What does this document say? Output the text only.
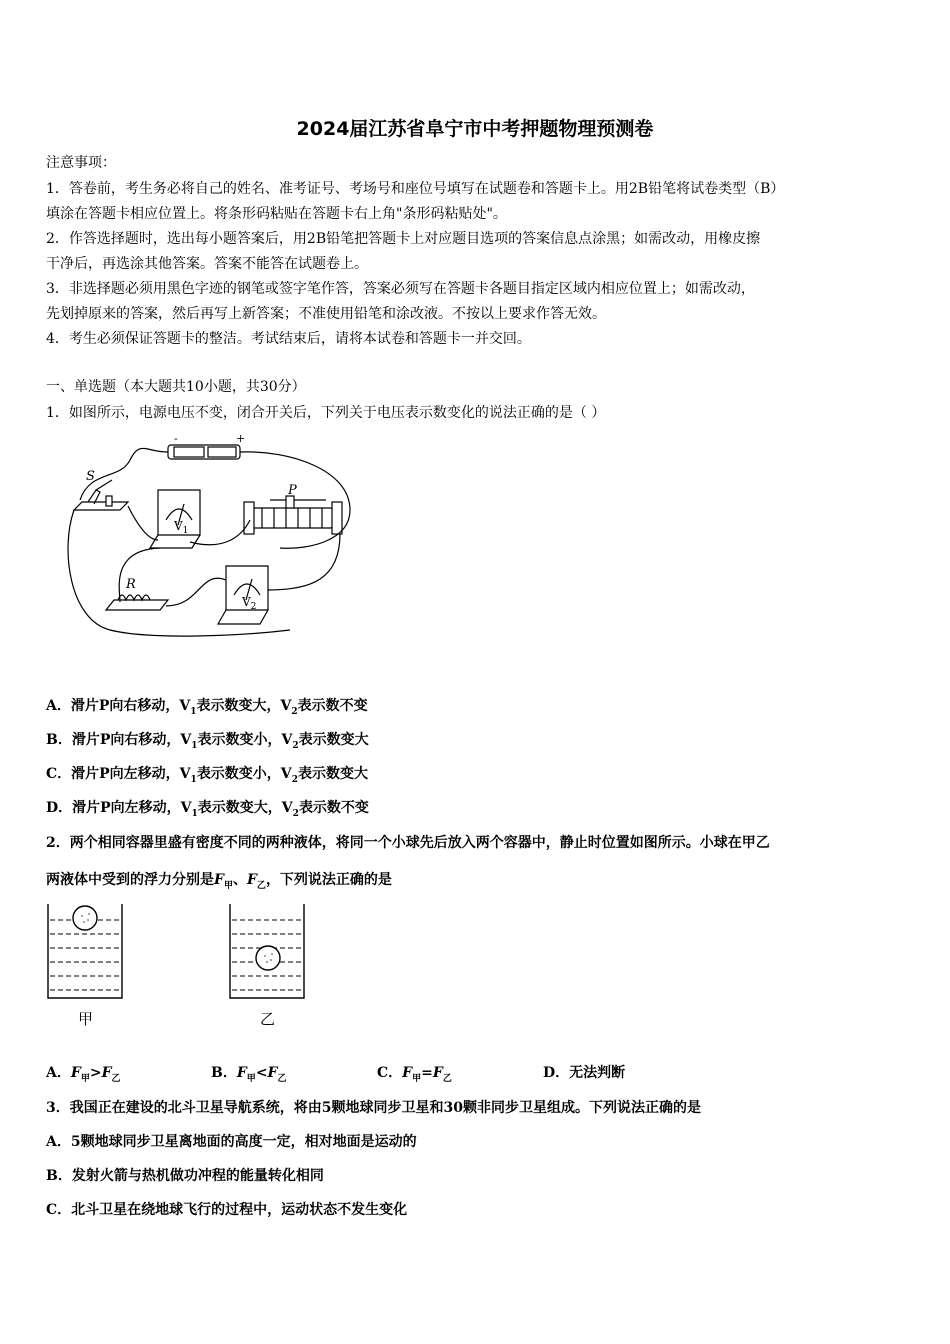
2024届江苏省阜宁市中考押题物理预测卷
注意事项：
1．答卷前，考生务必将自己的姓名、准考证号、考场号和座位号填写在试题卷和答题卡上。用2B铅笔将试卷类型（B）
填涂在答题卡相应位置上。将条形码粘贴在答题卡右上角"条形码粘贴处"。
2．作答选择题时，选出每小题答案后，用2B铅笔把答题卡上对应题目选项的答案信息点涂黑；如需改动，用橡皮擦
干净后，再选涂其他答案。答案不能答在试题卷上。
3．非选择题必须用黑色字迹的钢笔或签字笔作答，答案必须写在答题卡各题目指定区域内相应位置上；如需改动，
先划掉原来的答案，然后再写上新答案；不准使用铅笔和涂改液。不按以上要求作答无效。
4．考生必须保证答题卡的整洁。考试结束后，请将本试卷和答题卡一并交回。
一、单选题（本大题共10小题，共30分）
1．如图所示，电源电压不变，闭合开关后，下列关于电压表示数变化的说法正确的是（ ）
S
-	+
P
R
$V_1$
$V_2$
A．滑片P向右移动，$V_1$表示数变大，$V_2$表示数不变
B．滑片P向右移动，$V_1$表示数变小，$V_2$表示数变大
C．滑片P向左移动，$V_1$表示数变小，$V_2$表示数变大
D．滑片P向左移动，$V_1$表示数变大，$V_2$表示数不变
2．两个相同容器里盛有密度不同的两种液体，将同一个小球先后放入两个容器中，静止时位置如图所示。小球在甲乙
两液体中受到的浮力分别是$F_甲$、$F_乙$，下列说法正确的是
甲	乙
A．$F_甲>F_乙$	B．$F_甲<F_乙$	C．$F_甲=F_乙$	D．无法判断
3．我国正在建设的北斗卫星导航系统，将由5颗地球同步卫星和30颗非同步卫星组成。下列说法正确的是
A．5颗地球同步卫星离地面的高度一定，相对地面是运动的
B．发射火箭与热机做功冲程的能量转化相同
C．北斗卫星在绕地球飞行的过程中，运动状态不发生变化
